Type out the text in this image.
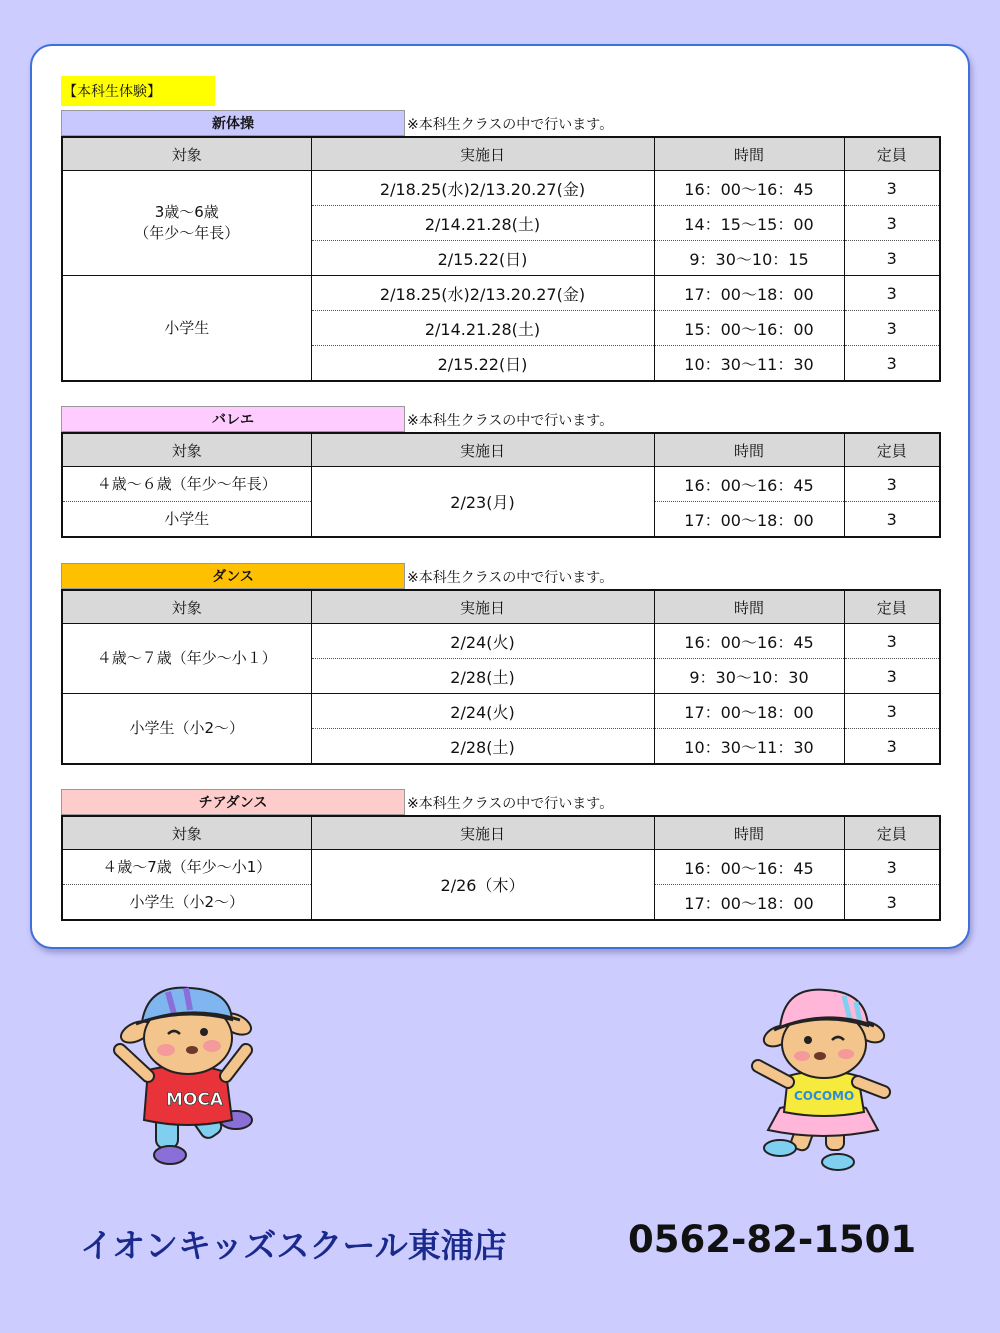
【本科生体験】
新体操	※本科生クラスの中で行います。
対象	実施日	時間	定員
3歳～6歳
（年少～年長）	2/18.25(水)2/13.20.27(金)	16：00～16：45	3
	2/14.21.28(土)	14：15～15：00	3
	2/15.22(日)	9：30～10：15	3
小学生	2/18.25(水)2/13.20.27(金)	17：00～18：00	3
	2/14.21.28(土)	15：00～16：00	3
	2/15.22(日)	10：30～11：30	3
バレエ	※本科生クラスの中で行います。
対象	実施日	時間	定員
４歳～６歳（年少～年長）	2/23(月)	16：00～16：45	3
小学生		17：00～18：00	3
ダンス	※本科生クラスの中で行います。
対象	実施日	時間	定員
４歳～７歳（年少～小１）	2/24(火)	16：00～16：45	3
	2/28(土)	9：30～10：30	3
小学生（小2～）	2/24(火)	17：00～18：00	3
	2/28(土)	10：30～11：30	3
チアダンス	※本科生クラスの中で行います。
対象	実施日	時間	定員
４歳～7歳（年少～小1）	2/26（木）	16：00～16：45	3
小学生（小2～）		17：00～18：00	3
MOCA	COCOMO
イオンキッズスクール東浦店	0562-82-1501
